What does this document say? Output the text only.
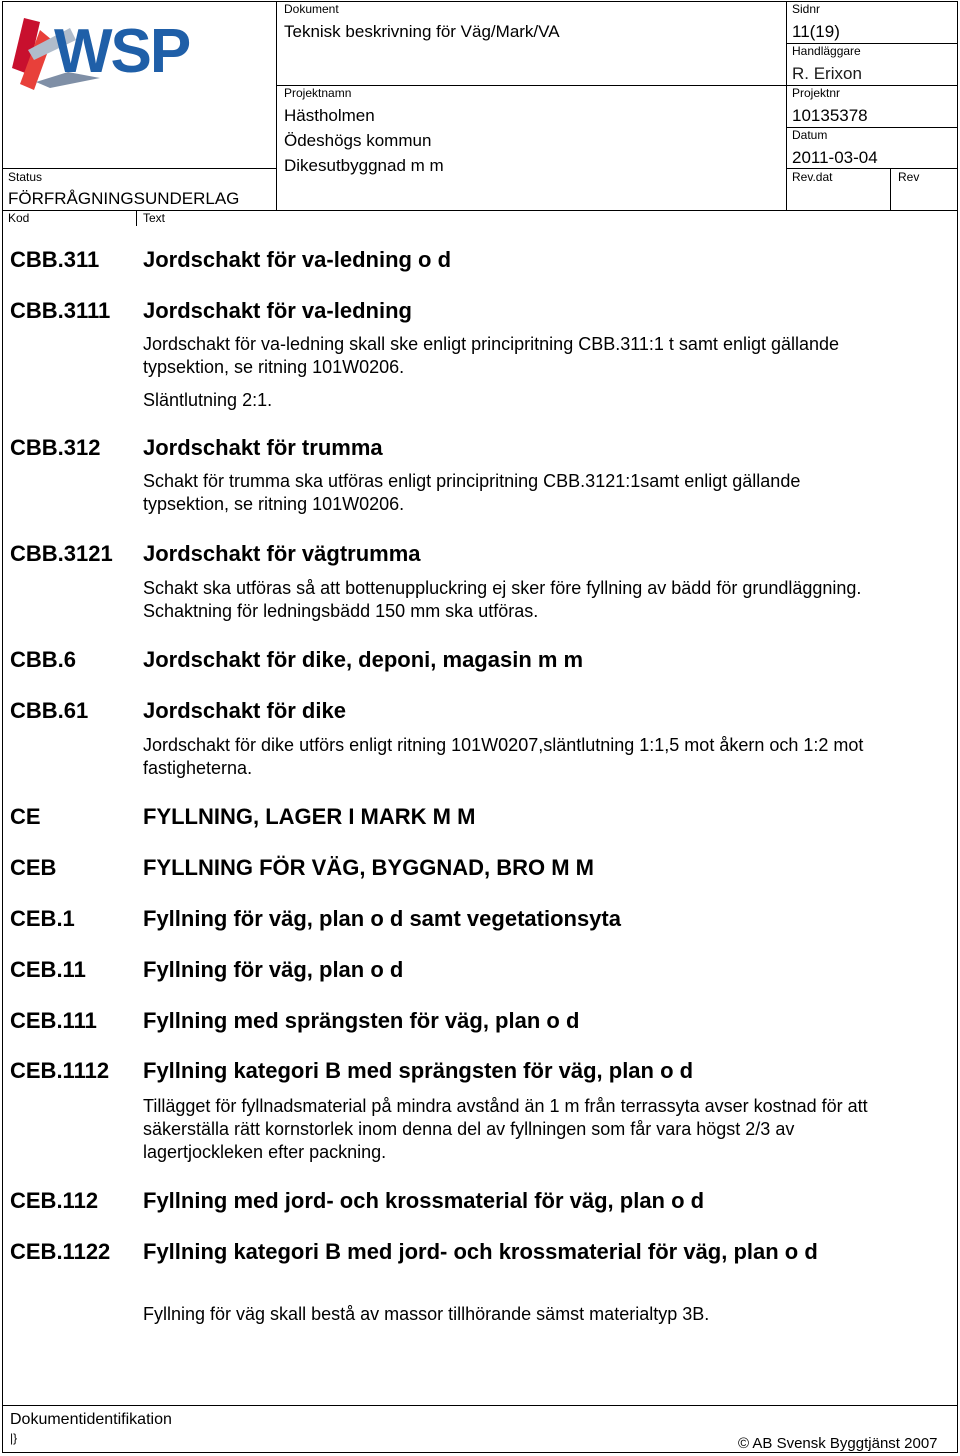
WSP
Dokument
Teknisk beskrivning för Väg/Mark/VA
Sidnr
11(19)
Handläggare
R. Erixon
Projektnamn
Hästholmen
Ödeshögs kommun
Dikesutbyggnad m m
Projektnr
10135378
Datum
2011-03-04
Status
FÖRFRÅGNINGSUNDERLAG
Rev.dat	Rev
Kod	Text
CBB.311 Jordschakt för va-ledning o d
CBB.3111 Jordschakt för va-ledning
Jordschakt för va-ledning skall ske enligt principritning CBB.311:1 t samt enligt gällande typsektion, se ritning 101W0206.
Släntlutning 2:1.
CBB.312 Jordschakt för trumma
Schakt för trumma ska utföras enligt principritning CBB.3121:1samt enligt gällande typsektion, se ritning 101W0206.
CBB.3121 Jordschakt för vägtrumma
Schakt ska utföras så att bottenuppluckring ej sker före fyllning av bädd för grundläggning. Schaktning för ledningsbädd 150 mm ska utföras.
CBB.6	Jordschakt för dike, deponi, magasin m m
CBB.61 Jordschakt för dike
Jordschakt för dike utförs enligt ritning 101W0207,släntlutning 1:1,5 mot åkern och 1:2 mot fastigheterna.
CE	FYLLNING, LAGER I MARK M M
CEB	FYLLNING FÖR VÄG, BYGGNAD, BRO M M
CEB.1	Fyllning för väg, plan o d samt vegetationsyta
CEB.11	Fyllning för väg, plan o d
CEB.111 Fyllning med sprängsten för väg, plan o d
CEB.1112 Fyllning kategori B med sprängsten för väg, plan o d
Tillägget för fyllnadsmaterial på mindra avstånd än 1 m från terrassyta avser kostnad för att säkerställa rätt kornstorlek inom denna del av fyllningen som får vara högst 2/3 av lagertjockleken efter packning.
CEB.112 Fyllning med jord- och krossmaterial för väg, plan o d
CEB.1122 Fyllning kategori B med jord- och krossmaterial för väg, plan o d
Fyllning för väg skall bestå av massor tillhörande sämst materialtyp 3B.
Dokumentidentifikation
|}	© AB Svensk Byggtjänst 2007
